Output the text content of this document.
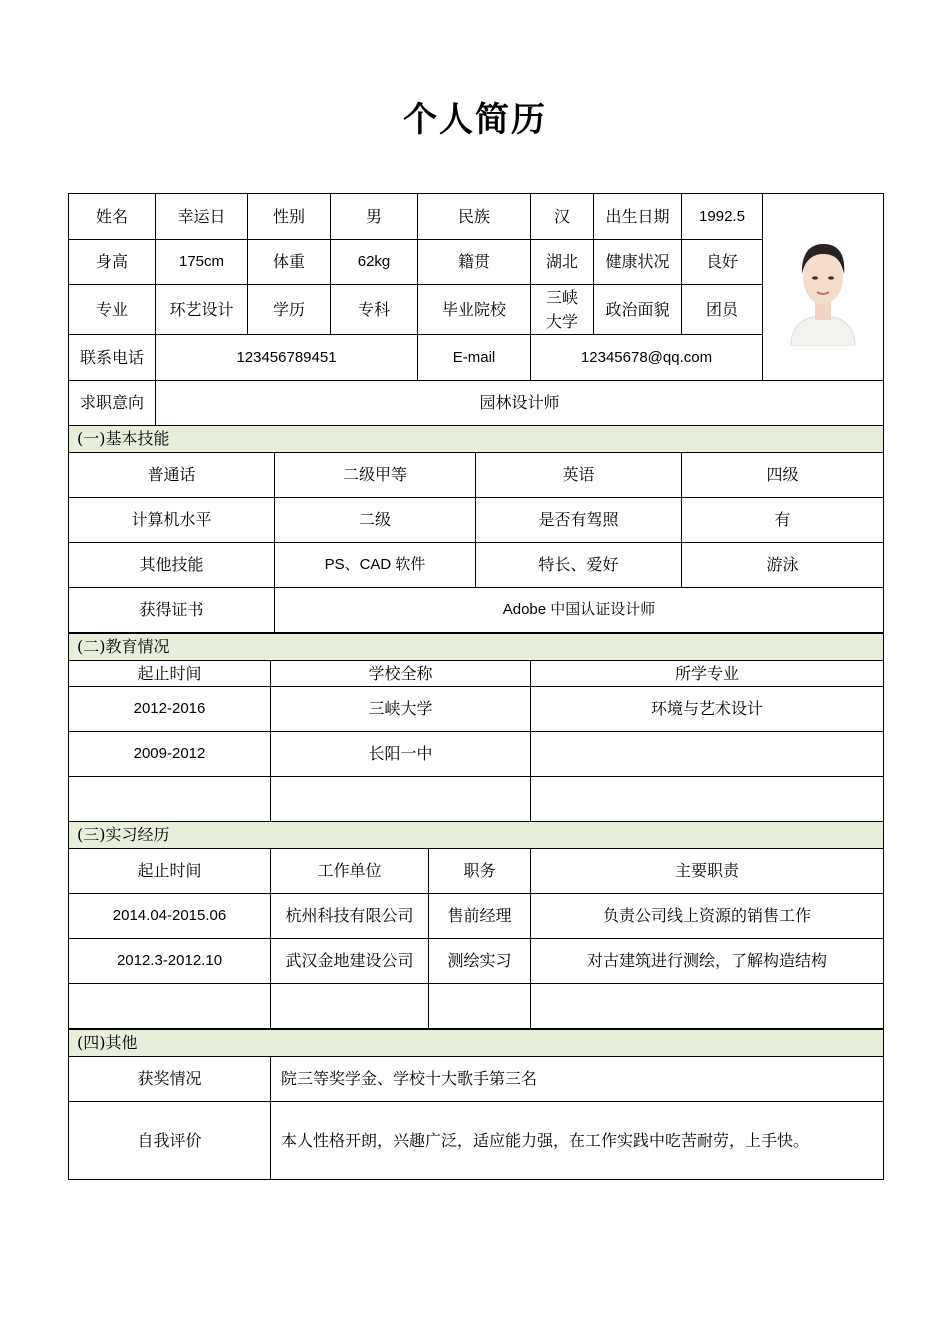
个人简历
姓名	幸运日	性别	男	民族	汉	出生日期	1992.5	

身高	175cm	体重	62kg	籍贯	湖北	健康状况	良好	
专业	环艺设计	学历	专科	毕业院校	三峡大学	政治面貌	团员	
联系电话	123456789451			E-mail	12345678@qq.com			
求职意向	园林设计师							
(一)基本技能			
普通话	二级甲等	英语	四级
计算机水平	二级	是否有驾照	有
其他技能	PS、CAD 软件	特长、爱好	游泳
获得证书	Adobe 中国认证设计师		
(二)教育情况		
起止时间	学校全称	所学专业
2012-2016	三峡大学	环境与艺术设计
2009-2012	长阳一中	

(三)实习经历			
起止时间	工作单位	职务	主要职责
2014.04-2015.06	杭州科技有限公司	售前经理	负责公司线上资源的销售工作
2012.3-2012.10	武汉金地建设公司	测绘实习	对古建筑进行测绘，了解构造结构

(四)其他	
获奖情况	院三等奖学金、学校十大歌手第三名
自我评价	本人性格开朗，兴趣广泛，适应能力强，在工作实践中吃苦耐劳，上手快。
